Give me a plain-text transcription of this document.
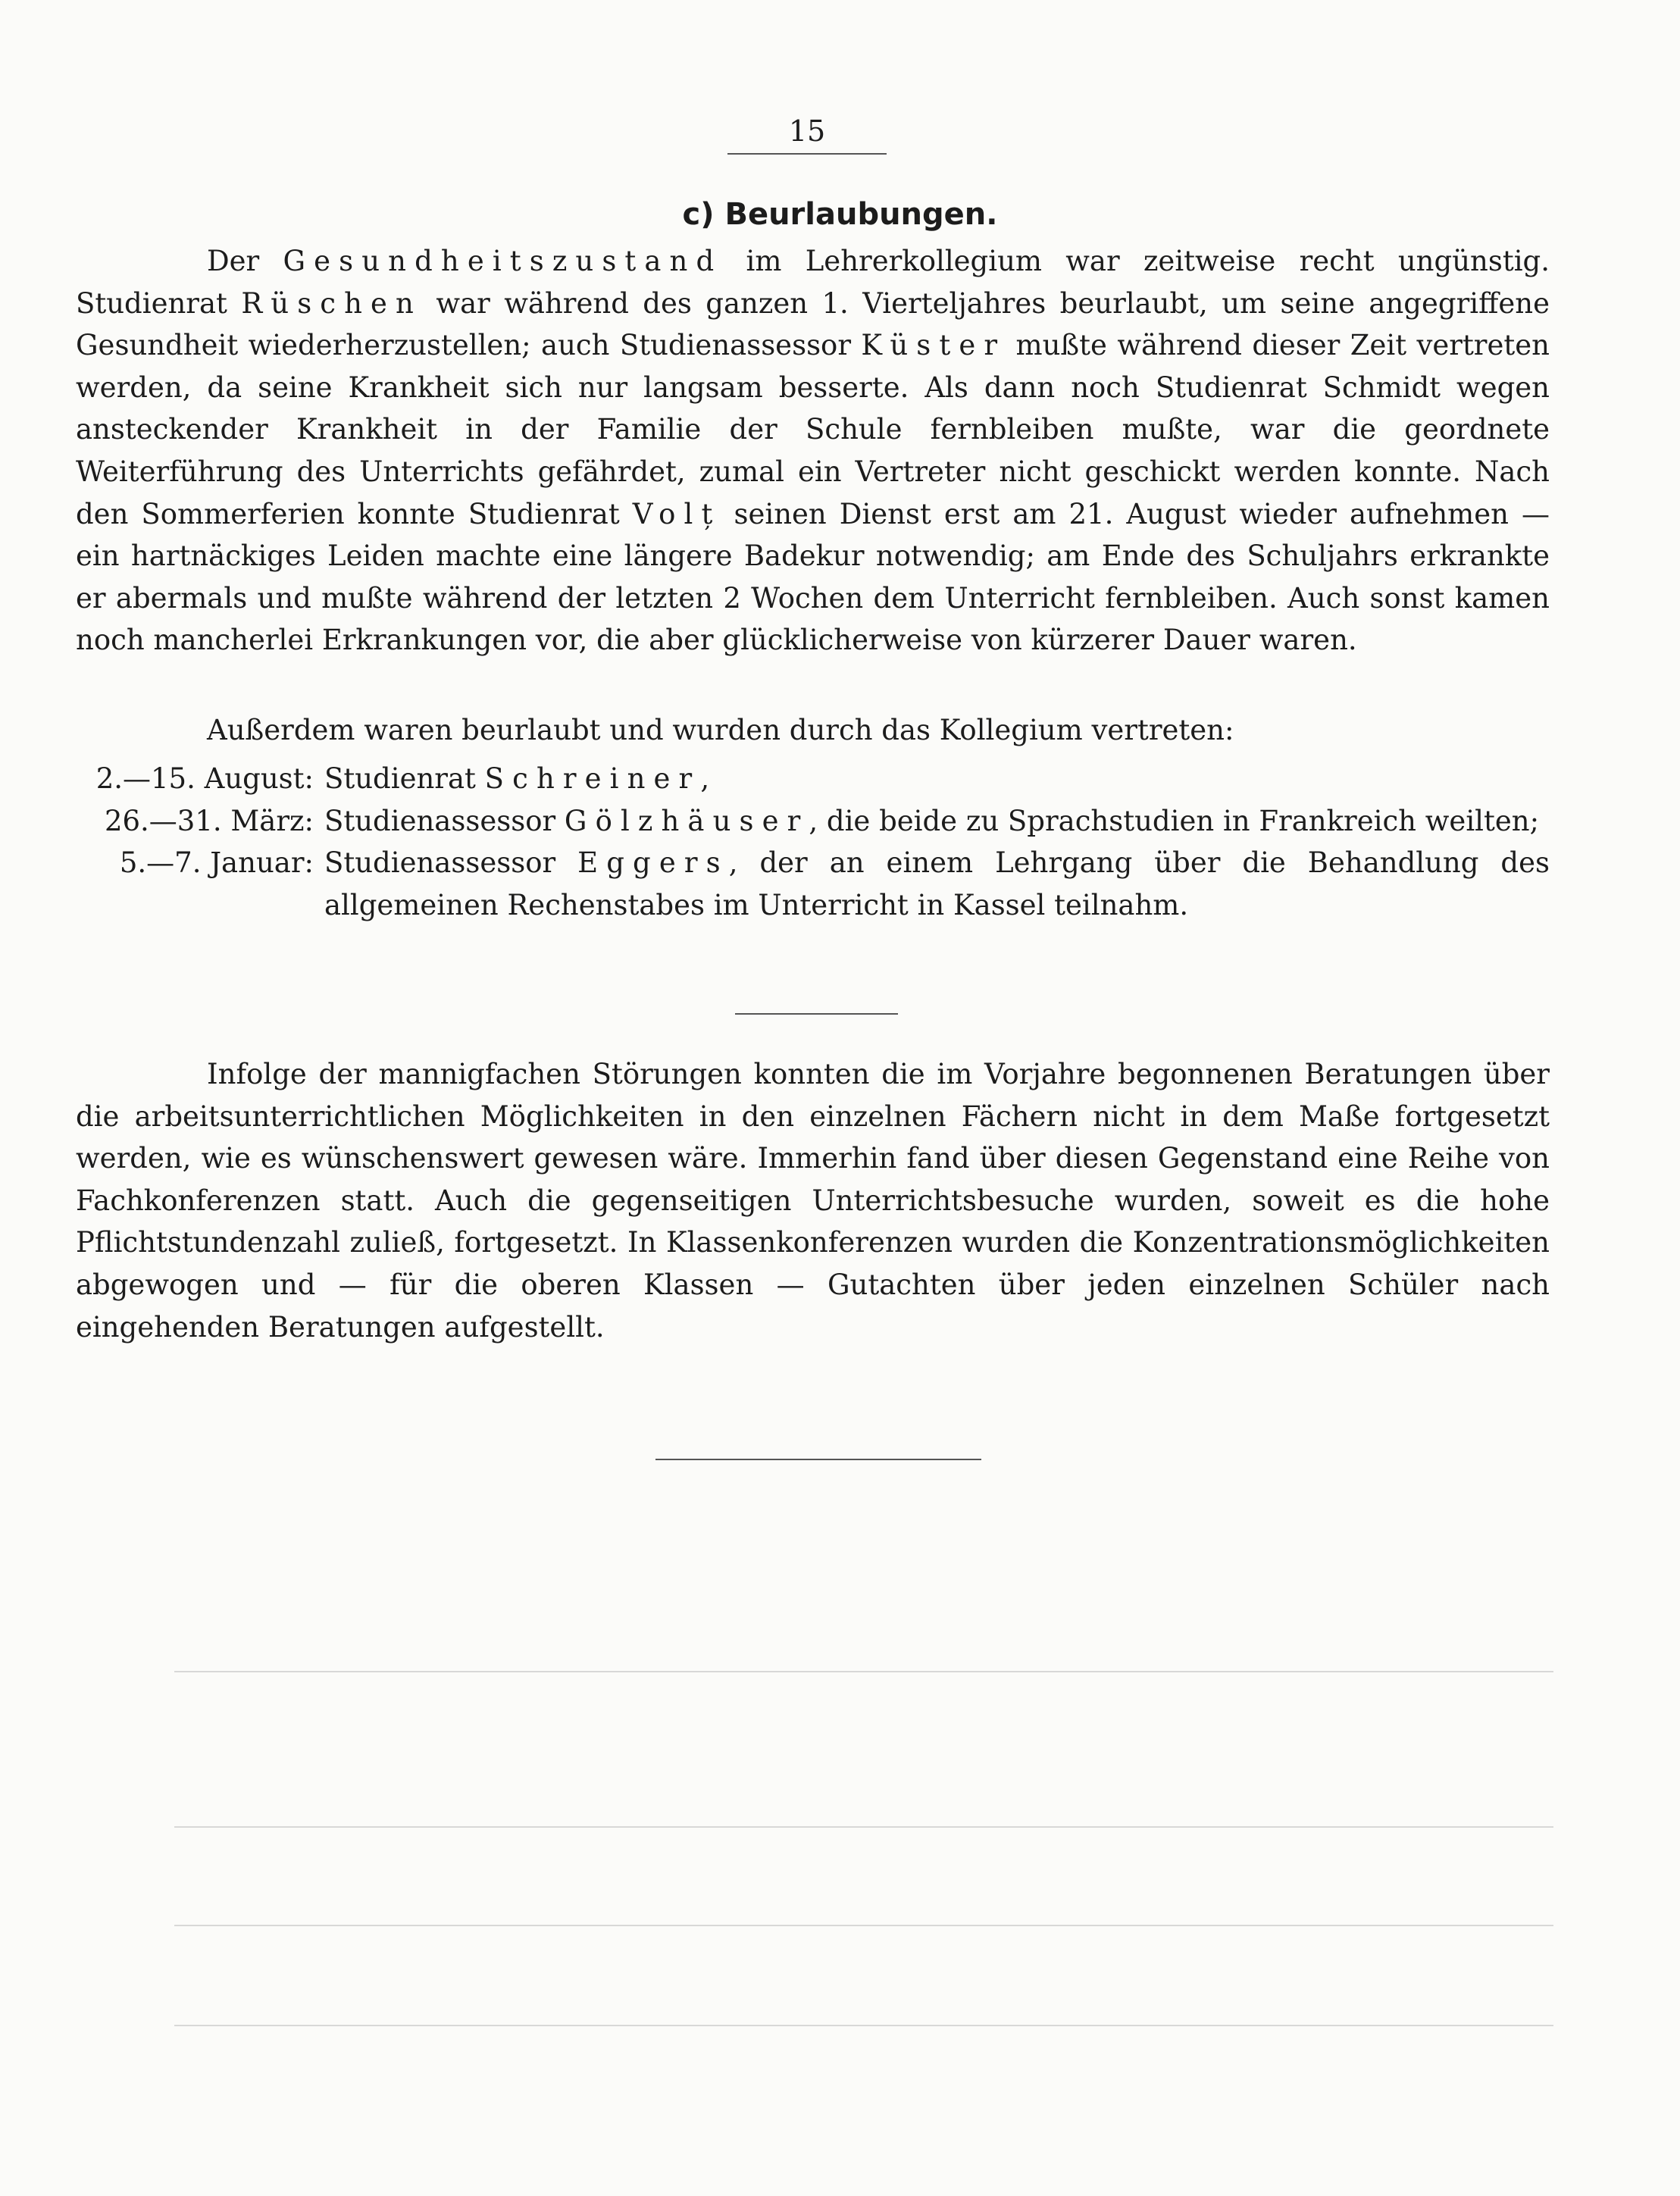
15
c) Beurlaubungen.

Der Gesundheitszustand im Lehrerkollegium war zeitweise recht ungünstig. Studienrat Rüschen war während des ganzen 1. Vierteljahres beurlaubt, um seine angegriffene Gesundheit wiederherzustellen; auch Studienassessor Küster mußte während dieser Zeit vertreten werden, da seine Krankheit sich nur langsam besserte. Als dann noch Studienrat Schmidt wegen ansteckender Krankheit in der Familie der Schule fernbleiben mußte, war die geordnete Weiterführung des Unterrichts gefährdet, zumal ein Vertreter nicht geschickt werden konnte. Nach den Sommerferien konnte Studienrat Volț seinen Dienst erst am 21. August wieder aufnehmen — ein hartnäckiges Leiden machte eine längere Badekur notwendig; am Ende des Schuljahrs erkrankte er abermals und mußte während der letzten 2 Wochen dem Unterricht fernbleiben. Auch sonst kamen noch mancherlei Erkrankungen vor, die aber glücklicherweise von kürzerer Dauer waren.

Außerdem waren beurlaubt und wurden durch das Kollegium vertreten:

2.—15. August: Studienrat Schreiner,
26.—31. März: Studienassessor Gölzhäuser, die beide zu Sprachstudien in Frankreich weilten;
5.—7. Januar: Studienassessor Eggers, der an einem Lehrgang über die Behandlung des allgemeinen Rechenstabes im Unterricht in Kassel teilnahm.

Infolge der mannigfachen Störungen konnten die im Vorjahre begonnenen Beratungen über die arbeitsunterrichtlichen Möglichkeiten in den einzelnen Fächern nicht in dem Maße fortgesetzt werden, wie es wünschenswert gewesen wäre. Immerhin fand über diesen Gegenstand eine Reihe von Fachkonferenzen statt. Auch die gegenseitigen Unterrichtsbesuche wurden, soweit es die hohe Pflichtstundenzahl zuließ, fortgesetzt. In Klassenkonferenzen wurden die Konzentrationsmöglichkeiten abgewogen und — für die oberen Klassen — Gutachten über jeden einzelnen Schüler nach eingehenden Beratungen aufgestellt.
